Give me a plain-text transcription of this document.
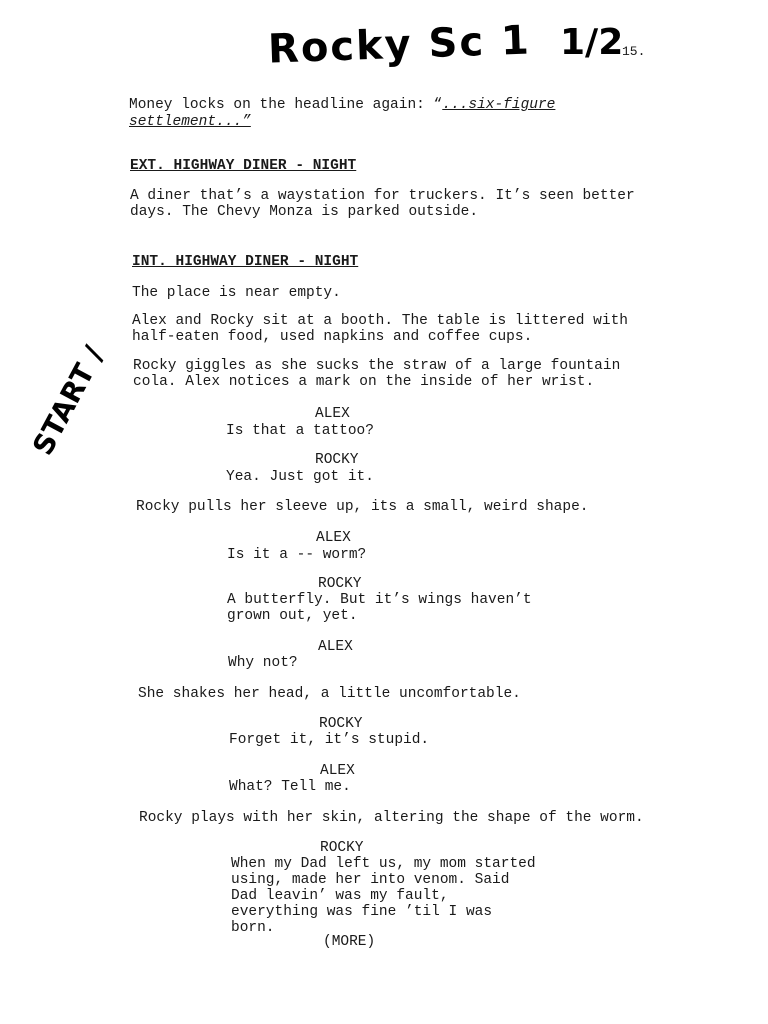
Rocky Sc 1 1/2
15.
START /
Money locks on the headline again: “...six-figure
settlement...”
EXT. HIGHWAY DINER - NIGHT
A diner that’s a waystation for truckers. It’s seen better
days. The Chevy Monza is parked outside.
INT. HIGHWAY DINER - NIGHT
The place is near empty.
Alex and Rocky sit at a booth. The table is littered with
half-eaten food, used napkins and coffee cups.
Rocky giggles as she sucks the straw of a large fountain
cola. Alex notices a mark on the inside of her wrist.
ALEX
Is that a tattoo?
ROCKY
Yea. Just got it.
Rocky pulls her sleeve up, its a small, weird shape.
ALEX
Is it a -- worm?
ROCKY
A butterfly. But it’s wings haven’t
grown out, yet.
ALEX
Why not?
She shakes her head, a little uncomfortable.
ROCKY
Forget it, it’s stupid.
ALEX
What? Tell me.
Rocky plays with her skin, altering the shape of the worm.
ROCKY
When my Dad left us, my mom started
using, made her into venom. Said
Dad leavin’ was my fault,
everything was fine ’til I was
born.
(MORE)
